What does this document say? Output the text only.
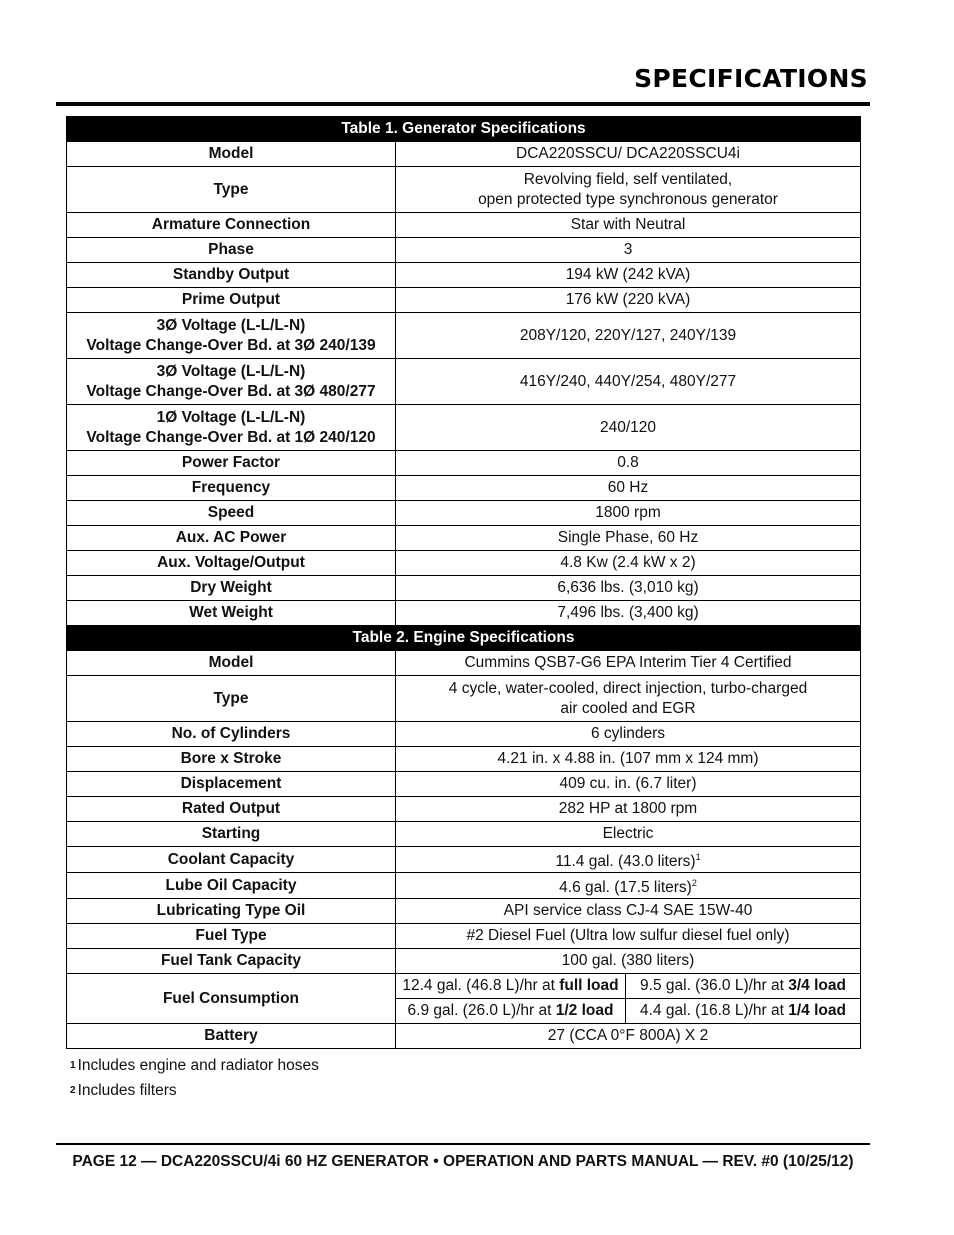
SPECIFICATIONS
Table 1. Generator Specifications		
Model	DCA220SSCU/ DCA220SSCU4i	
Type	Revolving field, self ventilated,
open protected type synchronous generator	
Armature Connection	Star with Neutral	
Phase	3	
Standby Output	194 kW (242 kVA)	
Prime Output	176 kW (220 kVA)	
3Ø Voltage (L-L/L-N)
Voltage Change-Over Bd. at 3Ø 240/139	208Y/120, 220Y/127, 240Y/139	
3Ø Voltage (L-L/L-N)
Voltage Change-Over Bd. at 3Ø 480/277	416Y/240, 440Y/254, 480Y/277	
1Ø Voltage (L-L/L-N)
Voltage Change-Over Bd. at 1Ø 240/120	240/120	
Power Factor	0.8	
Frequency	60 Hz	
Speed	1800 rpm	
Aux. AC Power	Single Phase, 60 Hz	
Aux. Voltage/Output	4.8 Kw (2.4 kW x 2)	
Dry Weight	6,636 lbs. (3,010 kg)	
Wet Weight	7,496 lbs. (3,400 kg)	
Table 2. Engine Specifications		
Model	Cummins QSB7-G6 EPA Interim Tier 4 Certified	
Type	4 cycle, water-cooled, direct injection, turbo-charged
air cooled and EGR	
No. of Cylinders	6 cylinders	
Bore x Stroke	4.21 in. x 4.88 in. (107 mm x 124 mm)	
Displacement	409 cu. in. (6.7 liter)	
Rated Output	282 HP at 1800 rpm	
Starting	Electric	
Coolant Capacity	11.4 gal. (43.0 liters)$^1$
Lube Oil Capacity	4.6 gal. (17.5 liters)$^2$
Lubricating Type Oil	API service class CJ-4 SAE 15W-40	
Fuel Type	#2 Diesel Fuel (Ultra low sulfur diesel fuel only)	
Fuel Tank Capacity	100 gal. (380 liters)	
Fuel Consumption	12.4 gal. (46.8 L)/hr at full load	9.5 gal. (36.0 L)/hr at 3/4 load
	6.9 gal. (26.0 L)/hr at 1/2 load	4.4 gal. (16.8 L)/hr at 1/4 load
Battery	27 (CCA 0°F 800A) X 2	
$^1$ Includes engine and radiator hoses
$^2$ Includes filters
PAGE 12 — DCA220SSCU/4i 60 HZ GENERATOR • OPERATION AND PARTS MANUAL — REV. #0 (10/25/12)
